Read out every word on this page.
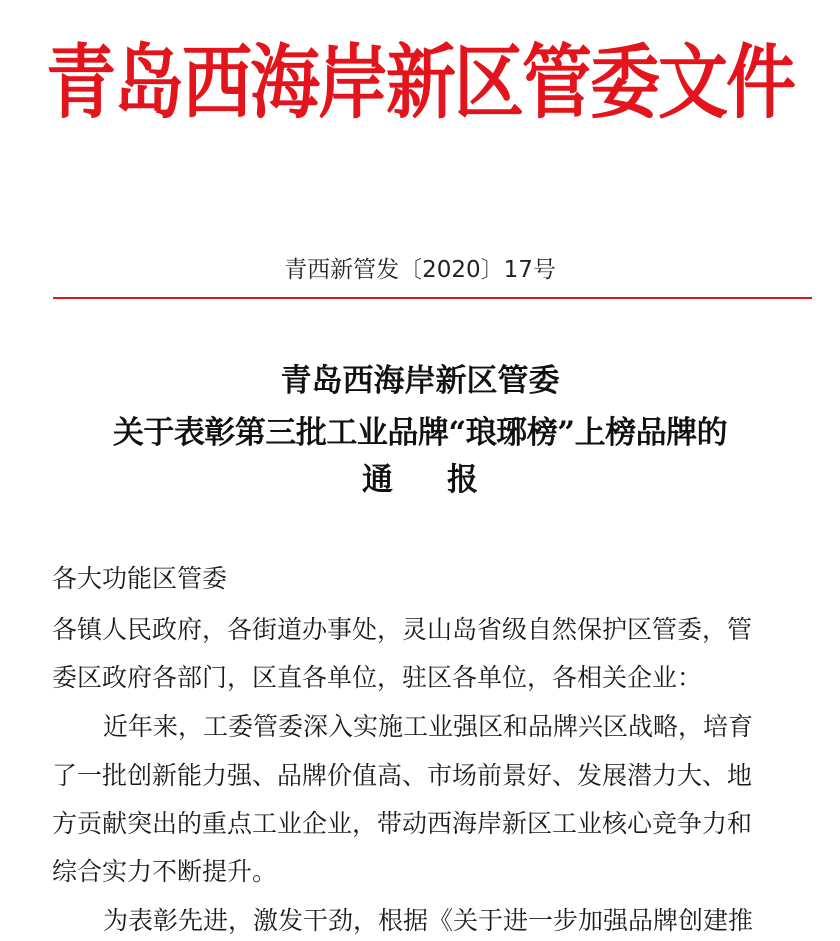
青岛西海岸新区管委文件
青西新管发〔2020〕17号
青岛西海岸新区管委
关于表彰第三批工业品牌“琅琊榜”上榜品牌的
通 报
各大功能区管委
各镇人民政府，各街道办事处，灵山岛省级自然保护区管委，管
委区政府各部门，区直各单位，驻区各单位，各相关企业：
近年来，工委管委深入实施工业强区和品牌兴区战略，培育
了一批创新能力强、品牌价值高、市场前景好、发展潜力大、地
方贡献突出的重点工业企业，带动西海岸新区工业核心竞争力和
综合实力不断提升。
为表彰先进，激发干劲，根据《关于进一步加强品牌创建推
